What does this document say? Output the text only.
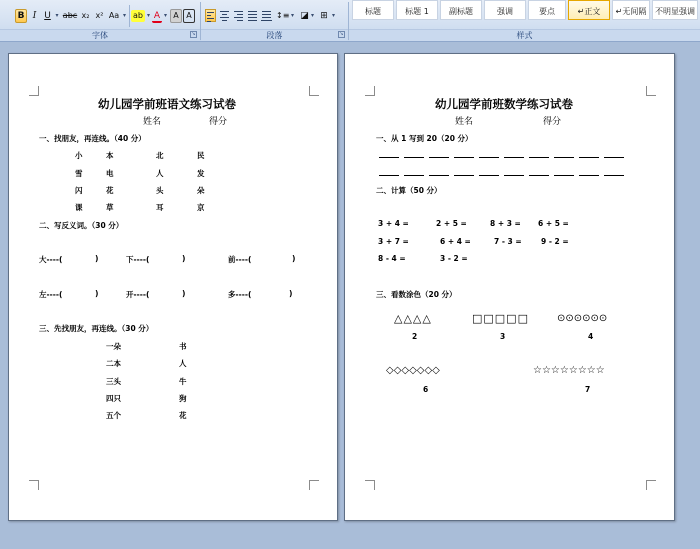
B I U ▾ abc x₂ x² Aa ▾ ab ▾ A ▾ A A
字体	↘
↕≡ ▾ ◪ ▾ ⊞ ▾
段落	↘
标题	标题 1	副标题	强调	要点	↵正文	↵无间隔	不明显强调
样式
幼儿园学前班语文练习试卷
姓名	得分
一、找朋友，再连线。（40 分）
小	本	北	民
雪	电	人	发
闪	花	头	朵
课	草	耳	京
二、写反义词。（30 分）
大----(	)	下----(	)	前----(	)
左----(	)	开----(	)	多----(	)
三、先找朋友，再连线。（30 分）
一朵	书
二本	人
三头	牛
四只	狗
五个	花
幼儿园学前班数学练习试卷
姓名	得分
一、从 1 写到 20（20 分）
二、计算（50 分）
3 + 4 =	2 + 5 =	8 + 3 = 6 + 5 =
3 + 7 =	6 + 4 =	7 - 3 =	9 - 2 =
8 - 4 =	3 - 2 =
三、看数涂色（20 分）
△△△△
2
□□□□□
3
⊙⊙⊙⊙⊙⊙
4
◇◇◇◇◇◇◇
6
☆☆☆☆☆☆☆☆
7
